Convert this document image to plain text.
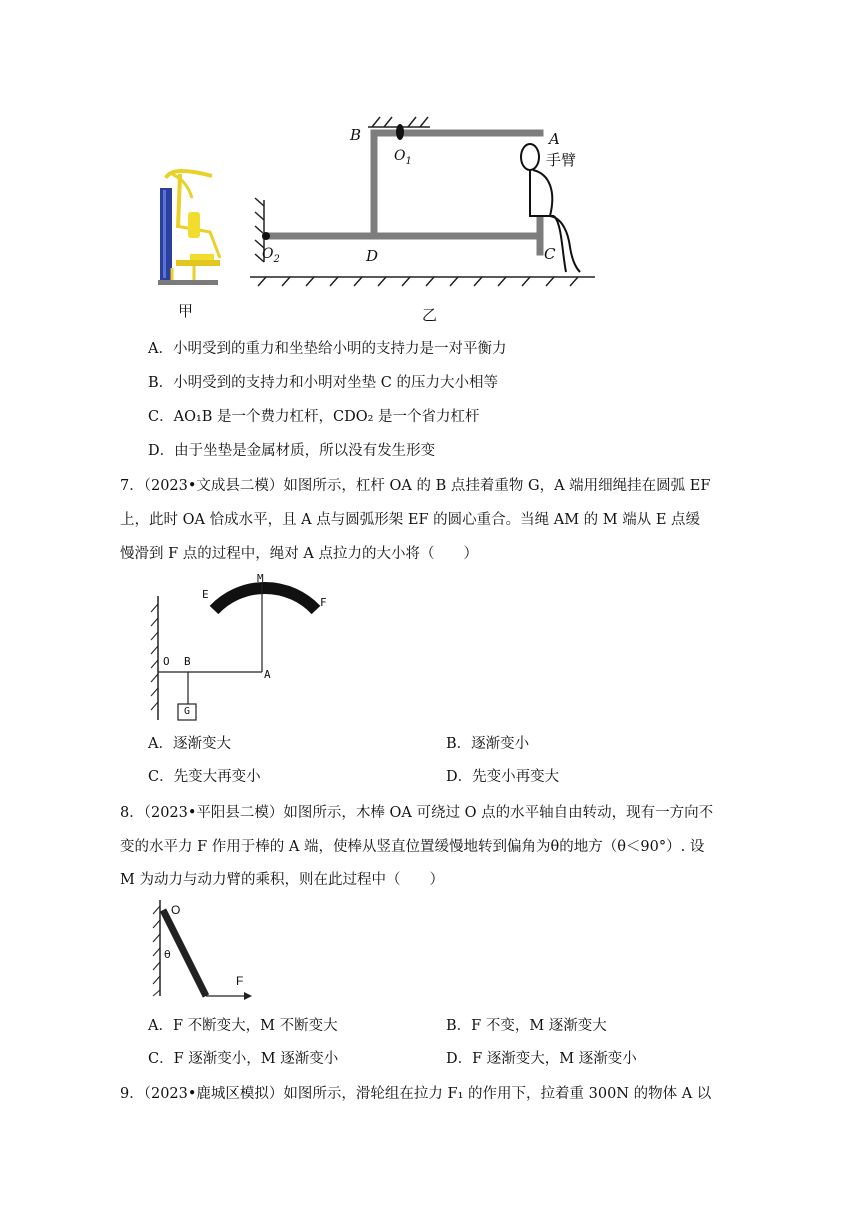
甲
B	A
$O_1$	手臂
$O_2$	D	C
乙
A．小明受到的重力和坐垫给小明的支持力是一对平衡力
B．小明受到的支持力和小明对坐垫 C 的压力大小相等
C．AO₁B 是一个费力杠杆，CDO₂ 是一个省力杠杆
D．由于坐垫是金属材质，所以没有发生形变
7．（2023•文成县二模）如图所示，杠杆 OA 的 B 点挂着重物 G，A 端用细绳挂在圆弧 EF
上，此时 OA 恰成水平，且 A 点与圆弧形架 EF 的圆心重合。当绳 AM 的 M 端从 E 点缓
慢滑到 F 点的过程中，绳对 A 点拉力的大小将（　　）
E
M
F
O B
A
G
A．逐渐变大	B．逐渐变小
C．先变大再变小	D．先变小再变大
8．（2023•平阳县二模）如图所示，木棒 OA 可绕过 O 点的水平轴自由转动，现有一方向不
变的水平力 F 作用于棒的 A 端，使棒从竖直位置缓慢地转到偏角为θ的地方（θ＜90°）. 设
M 为动力与动力臂的乘积，则在此过程中（　　）
O
θ
F
A．F 不断变大，M 不断变大	B．F 不变，M 逐渐变大
C．F 逐渐变小，M 逐渐变小	D．F 逐渐变大，M 逐渐变小
9．（2023•鹿城区模拟）如图所示，滑轮组在拉力 F₁ 的作用下，拉着重 300N 的物体 A 以
